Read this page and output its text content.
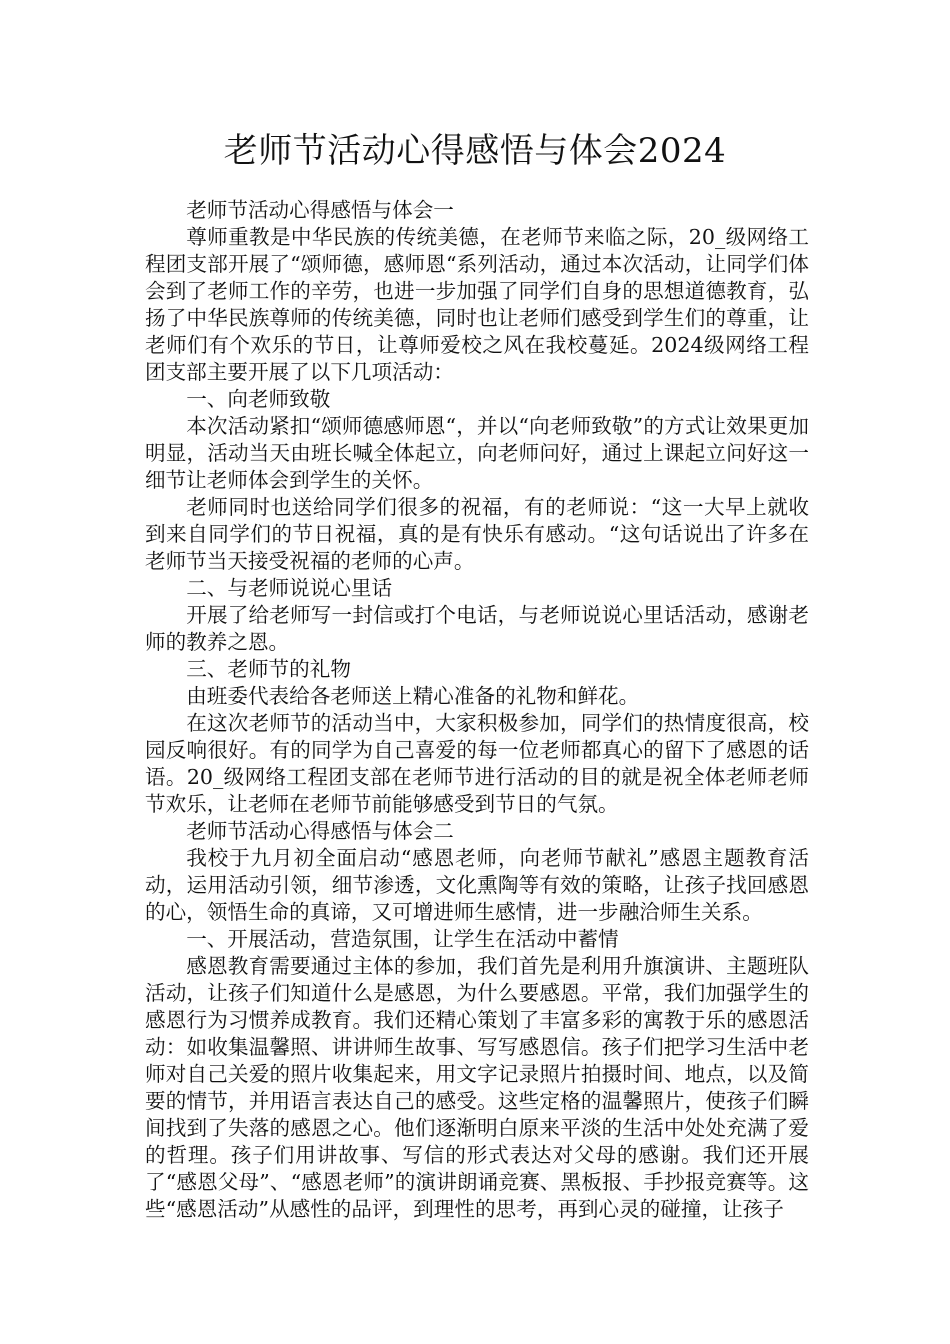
老师节活动心得感悟与体会2024

老师节活动心得感悟与体会一

尊师重教是中华民族的传统美德，在老师节来临之际，20_级网络工程团支部开展了“颂师德，感师恩“系列活动，通过本次活动，让同学们体会到了老师工作的辛劳，也进一步加强了同学们自身的思想道德教育，弘扬了中华民族尊师的传统美德，同时也让老师们感受到学生们的尊重，让老师们有个欢乐的节日，让尊师爱校之风在我校蔓延。2024级网络工程团支部主要开展了以下几项活动：

一、向老师致敬

本次活动紧扣“颂师德感师恩“，并以“向老师致敬”的方式让效果更加明显，活动当天由班长喊全体起立，向老师问好，通过上课起立问好这一细节让老师体会到学生的关怀。

老师同时也送给同学们很多的祝福，有的老师说：“这一大早上就收到来自同学们的节日祝福，真的是有快乐有感动。“这句话说出了许多在老师节当天接受祝福的老师的心声。

二、与老师说说心里话

开展了给老师写一封信或打个电话，与老师说说心里话活动，感谢老师的教养之恩。

三、老师节的礼物

由班委代表给各老师送上精心准备的礼物和鲜花。

在这次老师节的活动当中，大家积极参加，同学们的热情度很高，校园反响很好。有的同学为自己喜爱的每一位老师都真心的留下了感恩的话语。20_级网络工程团支部在老师节进行活动的目的就是祝全体老师老师节欢乐，让老师在老师节前能够感受到节日的气氛。

老师节活动心得感悟与体会二

我校于九月初全面启动“感恩老师，向老师节献礼”感恩主题教育活动，运用活动引领，细节渗透，文化熏陶等有效的策略，让孩子找回感恩的心，领悟生命的真谛，又可增进师生感情，进一步融洽师生关系。

一、开展活动，营造氛围，让学生在活动中蓄情

感恩教育需要通过主体的参加，我们首先是利用升旗演讲、主题班队活动，让孩子们知道什么是感恩，为什么要感恩。平常，我们加强学生的感恩行为习惯养成教育。我们还精心策划了丰富多彩的寓教于乐的感恩活动：如收集温馨照、讲讲师生故事、写写感恩信。孩子们把学习生活中老师对自己关爱的照片收集起来，用文字记录照片拍摄时间、地点，以及简要的情节，并用语言表达自己的感受。这些定格的温馨照片，使孩子们瞬间找到了失落的感恩之心。他们逐渐明白原来平淡的生活中处处充满了爱的哲理。孩子们用讲故事、写信的形式表达对父母的感谢。我们还开展了“感恩父母”、“感恩老师”的演讲朗诵竞赛、黑板报、手抄报竞赛等。这些“感恩活动”从感性的品评，到理性的思考，再到心灵的碰撞，让孩子
